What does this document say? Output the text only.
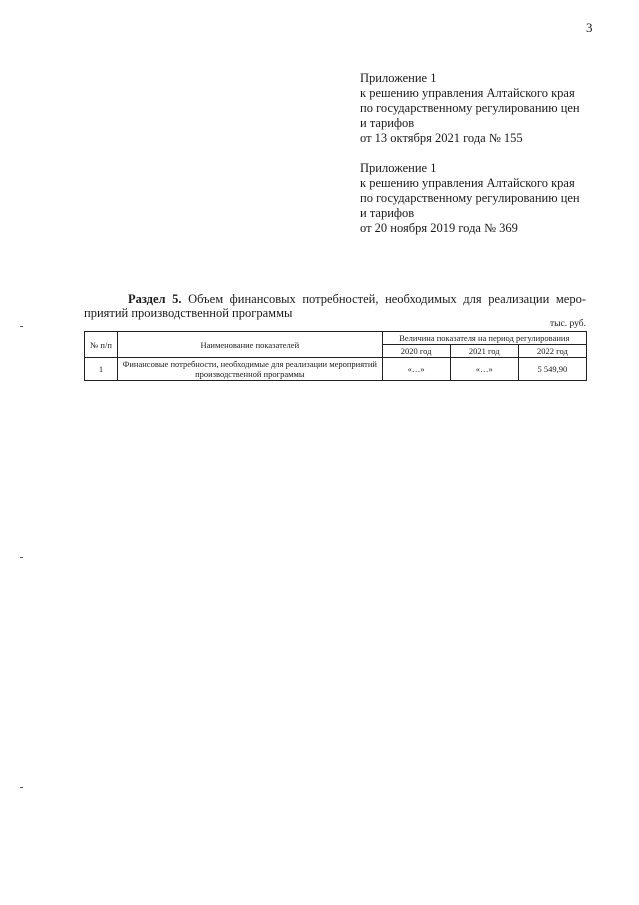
3
Приложение 1
к решению управления Алтайского края
по государственному регулированию цен
и тарифов
от 13 октября 2021 года № 155
Приложение 1
к решению управления Алтайского края
по государственному регулированию цен
и тарифов
от 20 ноября 2019 года № 369
Раздел 5. Объем финансовых потребностей, необходимых для реализации меро-
приятий производственной программы
тыс. руб.
№ п/п	Наименование показателей	Величина показателя на период регулирования		
		2020 год	2021 год	2022 год
1	Финансовые потребности, необходимые для реализации мероприятий производственной программы	«…»	«…»	5 549,90
